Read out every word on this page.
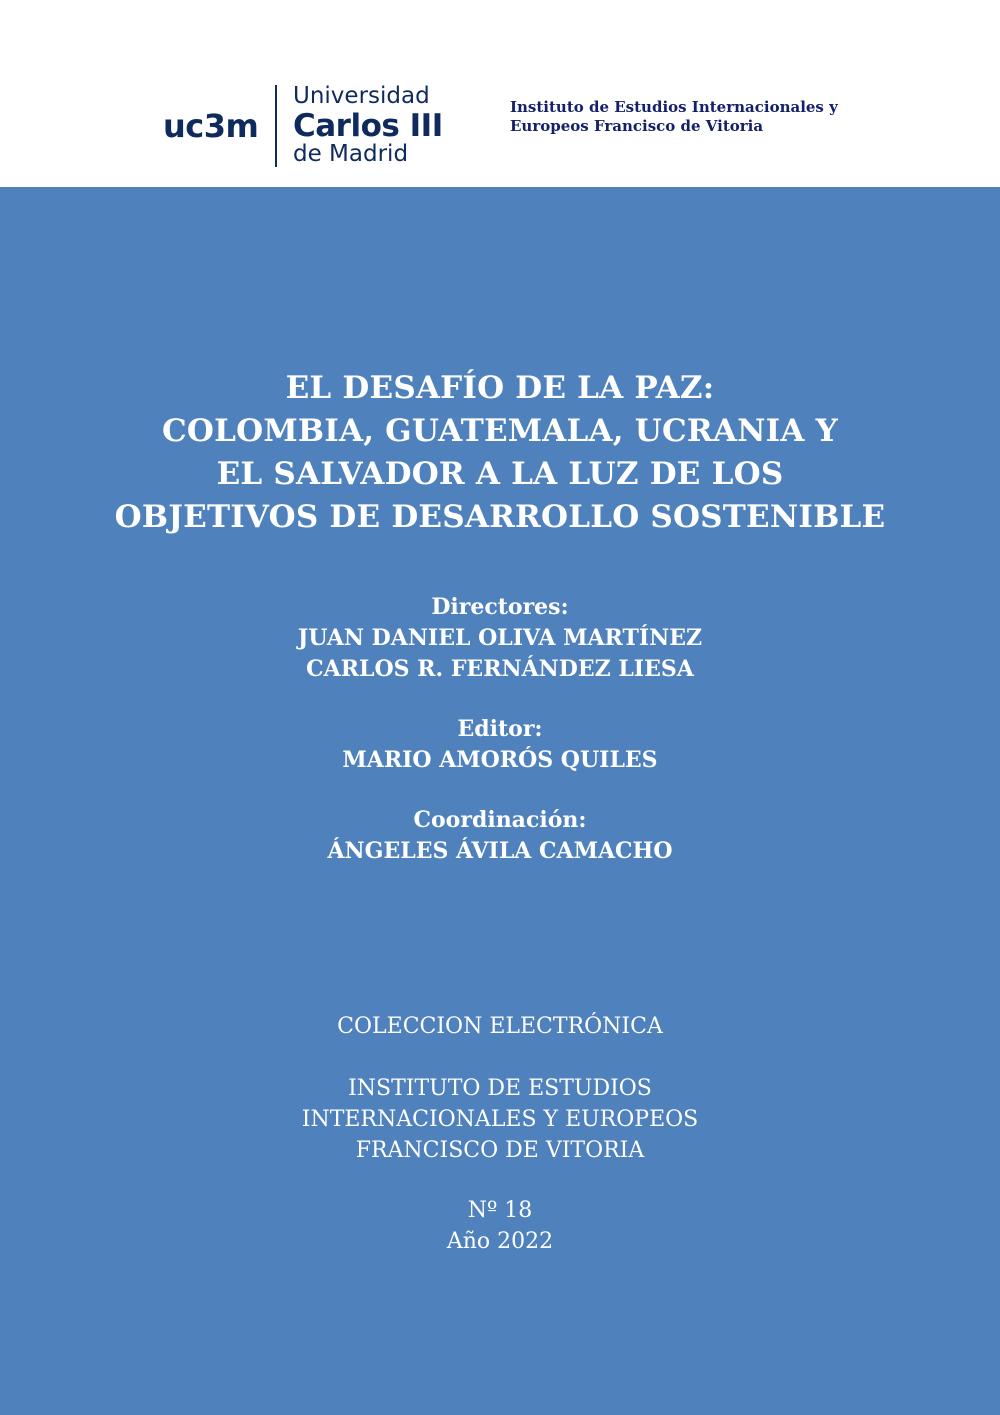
uc3m
Universidad
Carlos III
de Madrid
Instituto de Estudios Internacionales y
Europeos Francisco de Vitoria
EL DESAFÍO DE LA PAZ:
COLOMBIA, GUATEMALA, UCRANIA Y
EL SALVADOR A LA LUZ DE LOS
OBJETIVOS DE DESARROLLO SOSTENIBLE
Directores:
JUAN DANIEL OLIVA MARTÍNEZ
CARLOS R. FERNÁNDEZ LIESA
Editor:
MARIO AMORÓS QUILES
Coordinación:
ÁNGELES ÁVILA CAMACHO
COLECCION ELECTRÓNICA
INSTITUTO DE ESTUDIOS
INTERNACIONALES Y EUROPEOS
FRANCISCO DE VITORIA
Nº 18
Año 2022
